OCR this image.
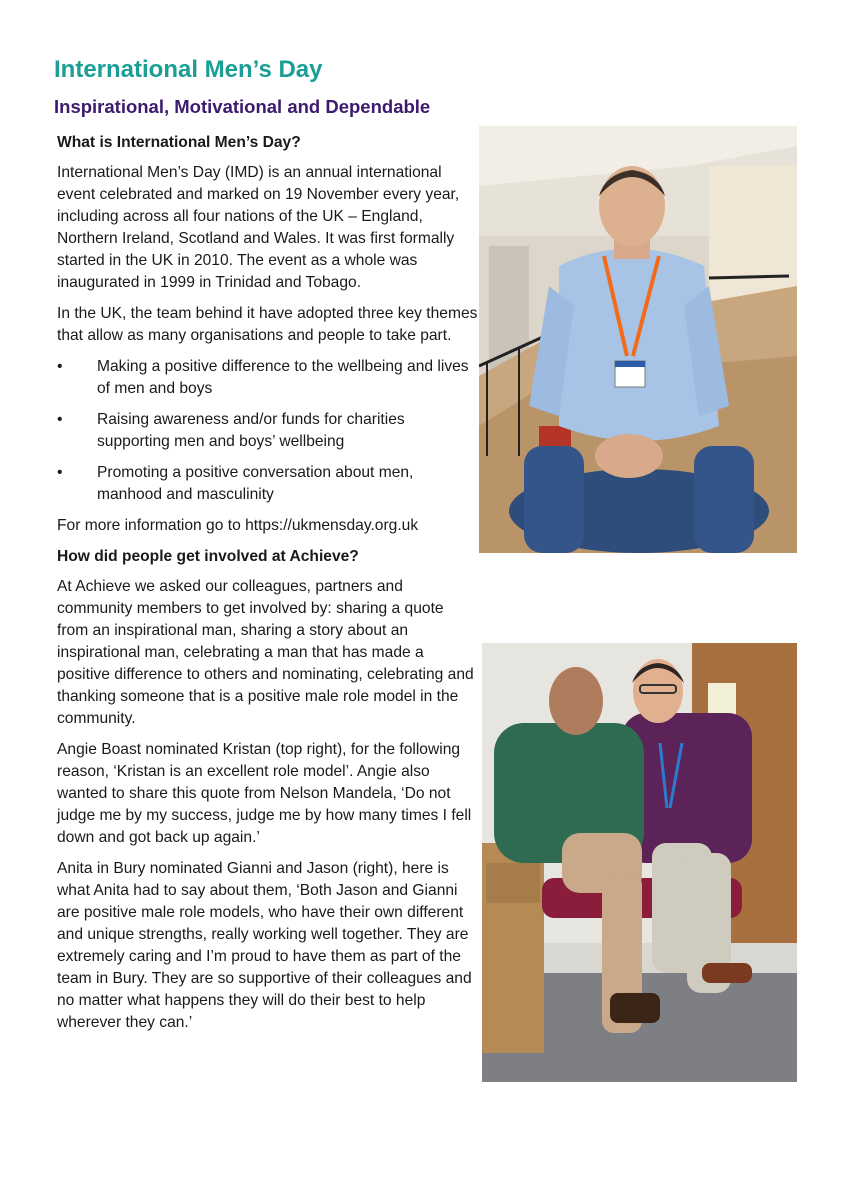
International Men’s Day
Inspirational, Motivational and Dependable
What is International Men’s Day?

International Men’s Day (IMD) is an annual international event celebrated and marked on 19 November every year, including across all four nations of the UK – England, Northern Ireland, Scotland and Wales. It was first formally started in the UK in 2010. The event as a whole was inaugurated in 1999 in Trinidad and Tobago.

In the UK, the team behind it have adopted three key themes that allow as many organisations and people to take part.

• Making a positive difference to the wellbeing and lives of men and boys
• Raising awareness and/or funds for charities supporting men and boys’ wellbeing
• Promoting a positive conversation about men, manhood and masculinity

For more information go to https://ukmensday.org.uk

How did people get involved at Achieve?

At Achieve we asked our colleagues, partners and community members to get involved by: sharing a quote from an inspirational man, sharing a story about an inspirational man, celebrating a man that has made a positive difference to others and nominating, celebrating and thanking someone that is a positive male role model in the community.

Angie Boast nominated Kristan (top right), for the following reason, ‘Kristan is an excellent role model’. Angie also wanted to share this quote from Nelson Mandela, ‘Do not judge me by my success, judge me by how many times I fell down and got back up again.’

Anita in Bury nominated Gianni and Jason (right), here is what Anita had to say about them, ‘Both Jason and Gianni are positive male role models, who have their own different and unique strengths, really working well together. They are extremely caring and I’m proud to have them as part of the team in Bury. They are so supportive of their colleagues and no matter what happens they will do their best to help wherever they can.’
